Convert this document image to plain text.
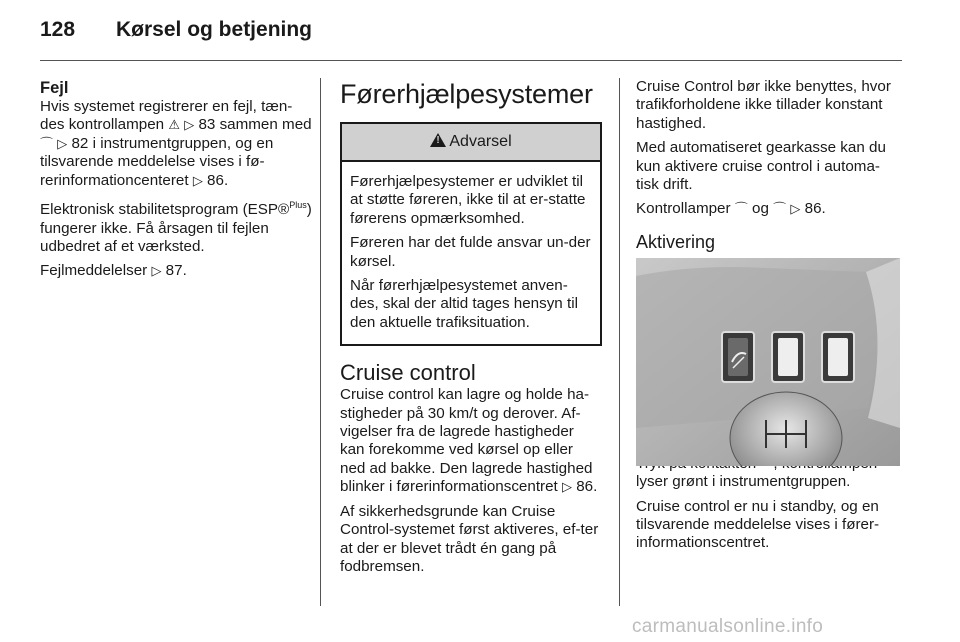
128 Kørsel og betjening
Fejl

Hvis systemet registrerer en fejl, tæn-des kontrollampen ⚠ ▷ 83 sammen med ⌒ ▷ 82 i instrumentgruppen, og en tilsvarende meddelelse vises i fø-rerinformationcenteret ▷ 86.

Elektronisk stabilitetsprogram (ESP®$^{Plus}$) fungerer ikke. Få årsagen til fejlen udbedret af et værksted.

Fejlmeddelelser ▷ 87.

Førerhjælpesystemer
!Advarsel

Førerhjælpesystemer er udviklet til at støtte føreren, ikke til at er-statte førerens opmærksomhed.

Føreren har det fulde ansvar un-der kørsel.

Når førerhjælpesystemet anven-des, skal der altid tages hensyn til den aktuelle trafiksituation.

Cruise control

Cruise control kan lagre og holde ha-stigheder på 30 km/t og derover. Af-vigelser fra de lagrede hastigheder kan forekomme ved kørsel op eller ned ad bakke. Den lagrede hastighed blinker i førerinformationscentret ▷ 86.

Af sikkerhedsgrunde kan Cruise Control-systemet først aktiveres, ef-ter at der er blevet trådt én gang på fodbremsen.

Cruise Control bør ikke benyttes, hvor trafikforholdene ikke tillader konstant hastighed.

Med automatiseret gearkasse kan du kun aktivere cruise control i automa-tisk drift.

Kontrollamper ⌒ og ⌒ ▷ 86.

Aktivering

lyser grønt i instrumentgruppen.

Cruise control er nu i standby, og en tilsvarende meddelelse vises i fører-informationscentret.

carmanualsonline.info
